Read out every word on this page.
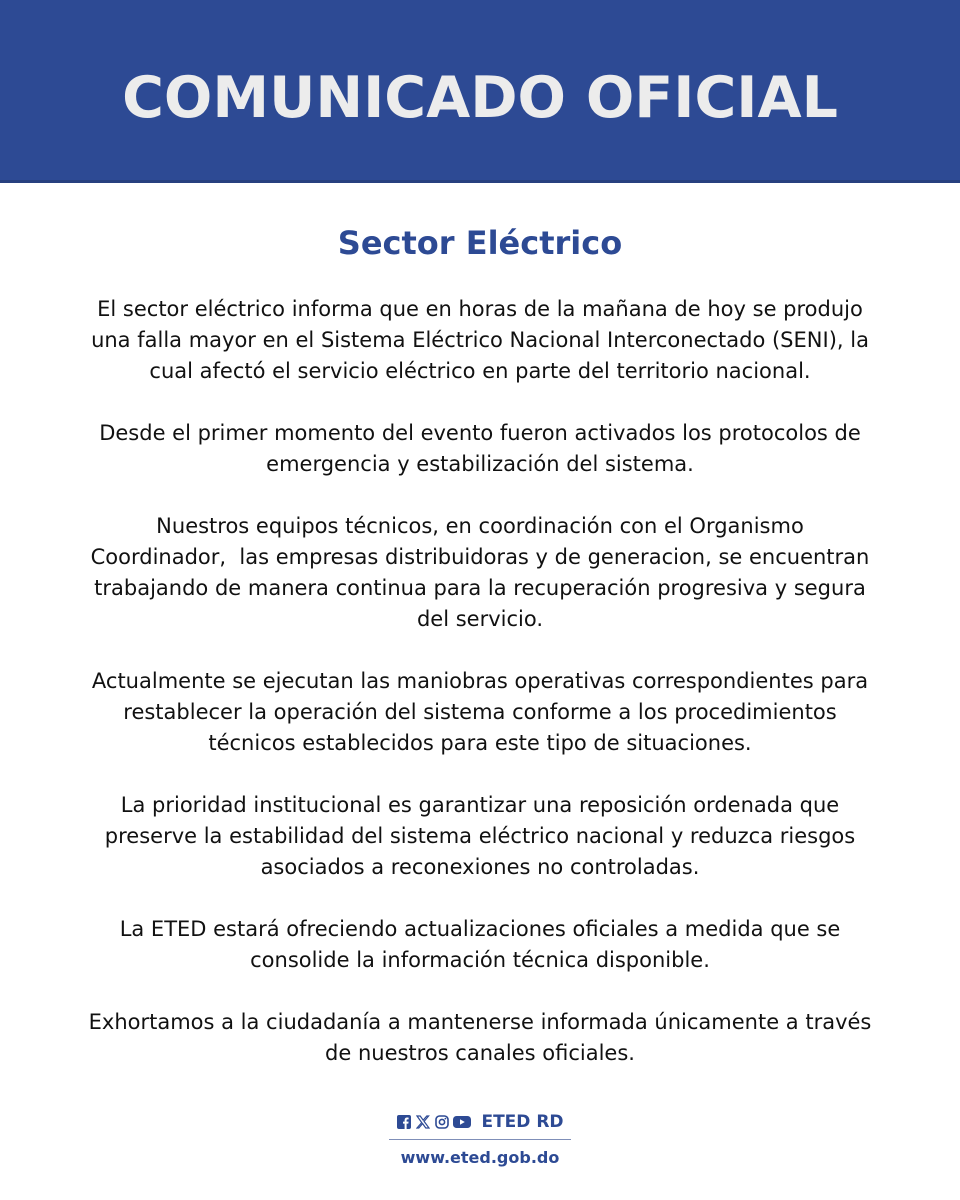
COMUNICADO OFICIAL
Sector Eléctrico

El sector eléctrico informa que en horas de la mañana de hoy se produjo
una falla mayor en el Sistema Eléctrico Nacional Interconectado (SENI), la
cual afectó el servicio eléctrico en parte del territorio nacional.

Desde el primer momento del evento fueron activados los protocolos de
emergencia y estabilización del sistema.

Nuestros equipos técnicos, en coordinación con el Organismo
Coordinador,  las empresas distribuidoras y de generacion, se encuentran
trabajando de manera continua para la recuperación progresiva y segura
del servicio.

Actualmente se ejecutan las maniobras operativas correspondientes para
restablecer la operación del sistema conforme a los procedimientos
técnicos establecidos para este tipo de situaciones.

La prioridad institucional es garantizar una reposición ordenada que
preserve la estabilidad del sistema eléctrico nacional y reduzca riesgos
asociados a reconexiones no controladas.

La ETED estará ofreciendo actualizaciones oficiales a medida que se
consolide la información técnica disponible.

Exhortamos a la ciudadanía a mantenerse informada únicamente a través
de nuestros canales oficiales.

ETED RD
www.eted.gob.do
